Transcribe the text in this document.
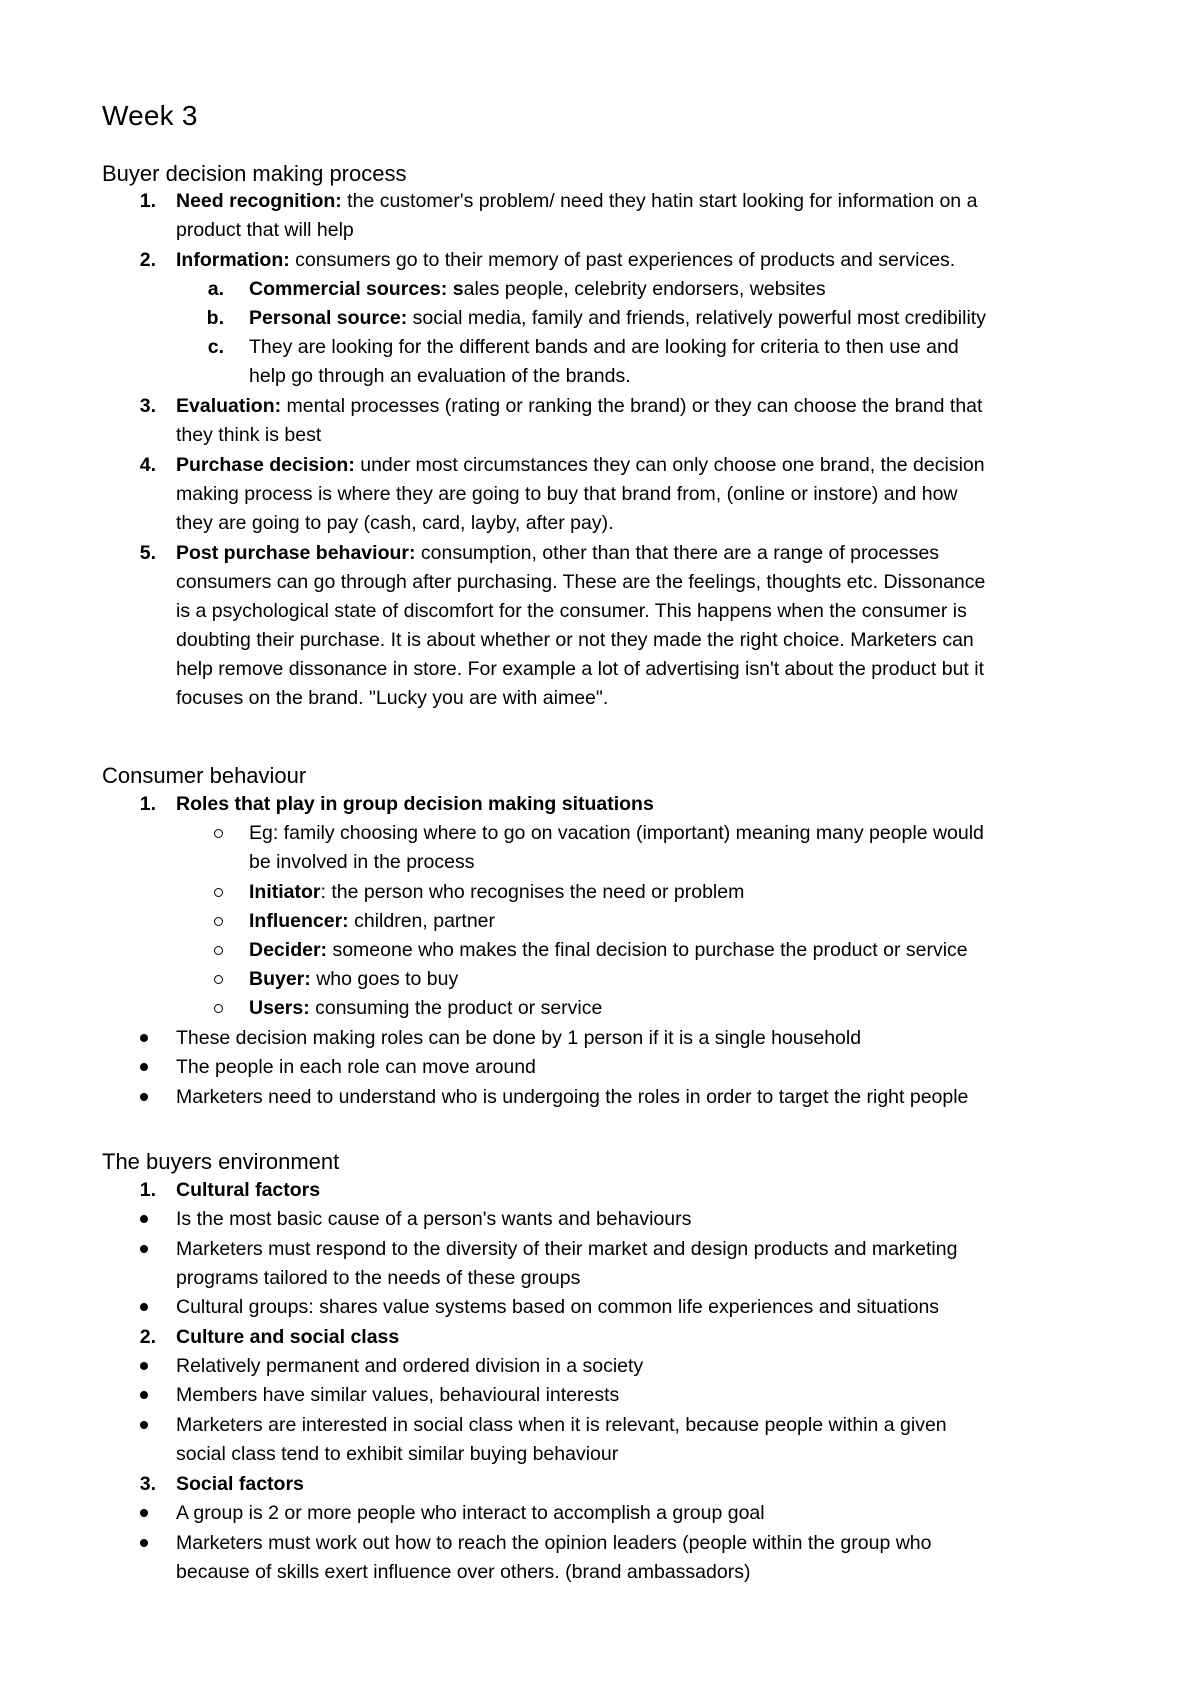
Week 3
Buyer decision making process
1. Need recognition: the customer's problem/ need they hatin start looking for information on a
product that will help
2. Information: consumers go to their memory of past experiences of products and services.
a. Commercial sources: sales people, celebrity endorsers, websites
b. Personal source: social media, family and friends, relatively powerful most credibility
c. They are looking for the different bands and are looking for criteria to then use and
help go through an evaluation of the brands.
3. Evaluation: mental processes (rating or ranking the brand) or they can choose the brand that
they think is best
4. Purchase decision: under most circumstances they can only choose one brand, the decision
making process is where they are going to buy that brand from, (online or instore) and how
they are going to pay (cash, card, layby, after pay).
5. Post purchase behaviour: consumption, other than that there are a range of processes
consumers can go through after purchasing. These are the feelings, thoughts etc. Dissonance
is a psychological state of discomfort for the consumer. This happens when the consumer is
doubting their purchase. It is about whether or not they made the right choice. Marketers can
help remove dissonance in store. For example a lot of advertising isn't about the product but it
focuses on the brand. "Lucky you are with aimee".
Consumer behaviour
1. Roles that play in group decision making situations
Eg: family choosing where to go on vacation (important) meaning many people would
be involved in the process
Initiator: the person who recognises the need or problem
Influencer: children, partner
Decider: someone who makes the final decision to purchase the product or service
Buyer: who goes to buy
Users: consuming the product or service
These decision making roles can be done by 1 person if it is a single household
The people in each role can move around
Marketers need to understand who is undergoing the roles in order to target the right people
The buyers environment
1. Cultural factors
Is the most basic cause of a person's wants and behaviours
Marketers must respond to the diversity of their market and design products and marketing
programs tailored to the needs of these groups
Cultural groups: shares value systems based on common life experiences and situations
2. Culture and social class
Relatively permanent and ordered division in a society
Members have similar values, behavioural interests
Marketers are interested in social class when it is relevant, because people within a given
social class tend to exhibit similar buying behaviour
3. Social factors
A group is 2 or more people who interact to accomplish a group goal
Marketers must work out how to reach the opinion leaders (people within the group who
because of skills exert influence over others. (brand ambassadors)
